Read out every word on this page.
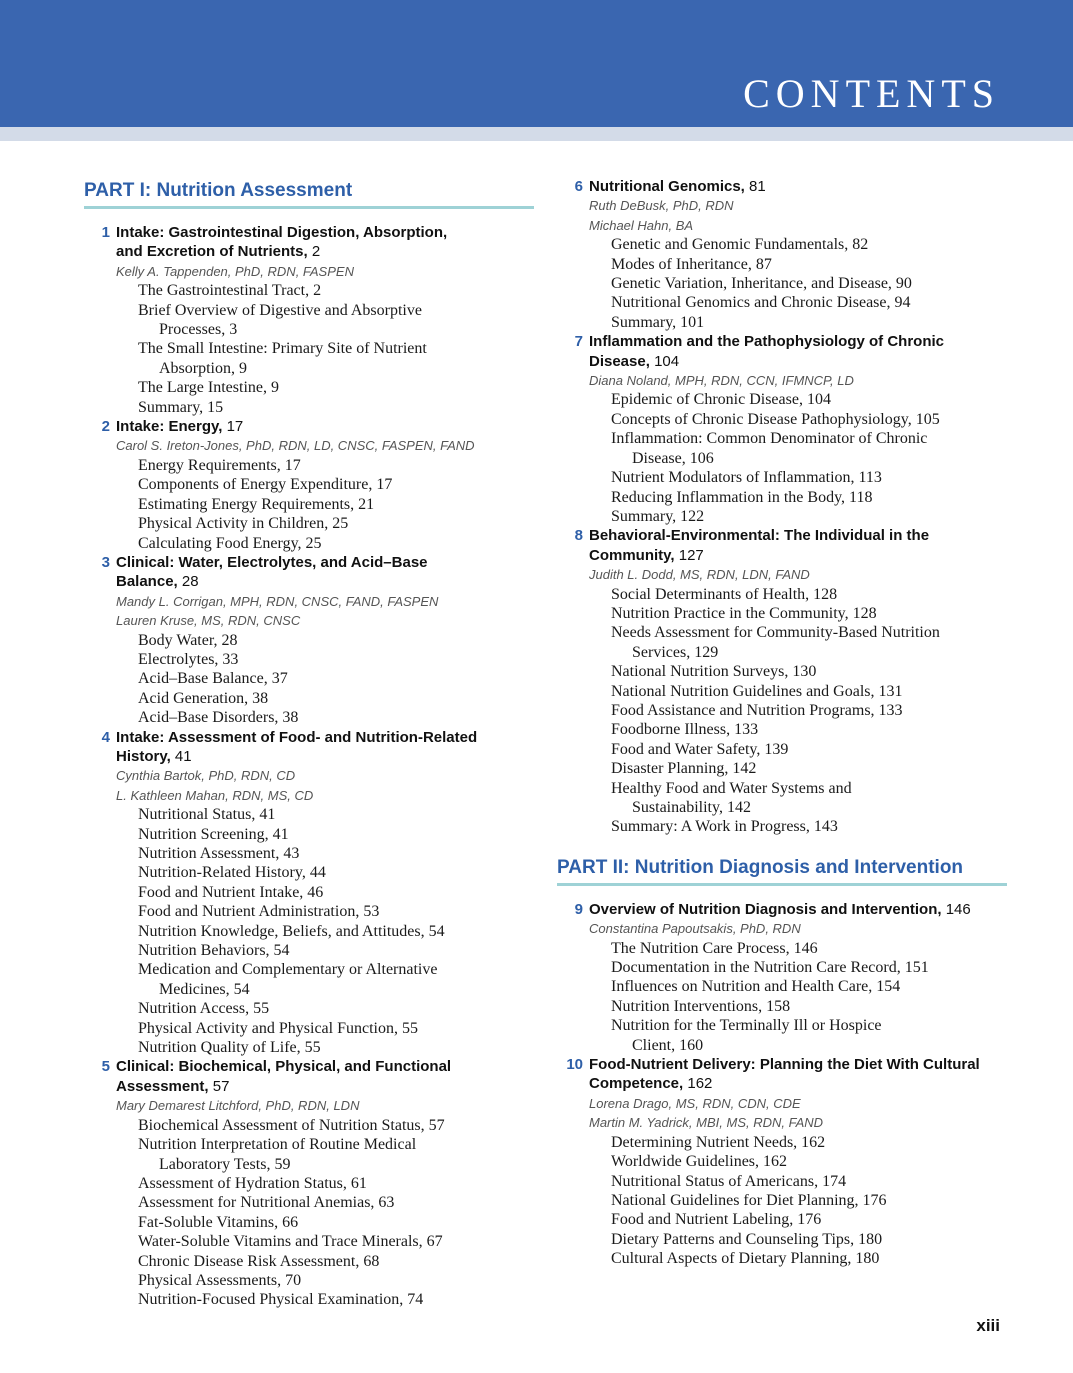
CONTENTS
PART I: Nutrition Assessment
1 Intake: Gastrointestinal Digestion, Absorption,
and Excretion of Nutrients, 2
Kelly A. Tappenden, PhD, RDN, FASPEN
The Gastrointestinal Tract, 2
Brief Overview of Digestive and Absorptive
Processes, 3
The Small Intestine: Primary Site of Nutrient
Absorption, 9
The Large Intestine, 9
Summary, 15
2 Intake: Energy, 17
Carol S. Ireton-Jones, PhD, RDN, LD, CNSC, FASPEN, FAND
Energy Requirements, 17
Components of Energy Expenditure, 17
Estimating Energy Requirements, 21
Physical Activity in Children, 25
Calculating Food Energy, 25
3 Clinical: Water, Electrolytes, and Acid–Base
Balance, 28
Mandy L. Corrigan, MPH, RDN, CNSC, FAND, FASPEN
Lauren Kruse, MS, RDN, CNSC
Body Water, 28
Electrolytes, 33
Acid–Base Balance, 37
Acid Generation, 38
Acid–Base Disorders, 38
4 Intake: Assessment of Food- and Nutrition-Related
History, 41
Cynthia Bartok, PhD, RDN, CD
L. Kathleen Mahan, RDN, MS, CD
Nutritional Status, 41
Nutrition Screening, 41
Nutrition Assessment, 43
Nutrition-Related History, 44
Food and Nutrient Intake, 46
Food and Nutrient Administration, 53
Nutrition Knowledge, Beliefs, and Attitudes, 54
Nutrition Behaviors, 54
Medication and Complementary or Alternative
Medicines, 54
Nutrition Access, 55
Physical Activity and Physical Function, 55
Nutrition Quality of Life, 55
5 Clinical: Biochemical, Physical, and Functional
Assessment, 57
Mary Demarest Litchford, PhD, RDN, LDN
Biochemical Assessment of Nutrition Status, 57
Nutrition Interpretation of Routine Medical
Laboratory Tests, 59
Assessment of Hydration Status, 61
Assessment for Nutritional Anemias, 63
Fat-Soluble Vitamins, 66
Water-Soluble Vitamins and Trace Minerals, 67
Chronic Disease Risk Assessment, 68
Physical Assessments, 70
Nutrition-Focused Physical Examination, 74
6 Nutritional Genomics, 81
Ruth DeBusk, PhD, RDN
Michael Hahn, BA
Genetic and Genomic Fundamentals, 82
Modes of Inheritance, 87
Genetic Variation, Inheritance, and Disease, 90
Nutritional Genomics and Chronic Disease, 94
Summary, 101
7 Inflammation and the Pathophysiology of Chronic
Disease, 104
Diana Noland, MPH, RDN, CCN, IFMNCP, LD
Epidemic of Chronic Disease, 104
Concepts of Chronic Disease Pathophysiology, 105
Inflammation: Common Denominator of Chronic
Disease, 106
Nutrient Modulators of Inflammation, 113
Reducing Inflammation in the Body, 118
Summary, 122
8 Behavioral-Environmental: The Individual in the
Community, 127
Judith L. Dodd, MS, RDN, LDN, FAND
Social Determinants of Health, 128
Nutrition Practice in the Community, 128
Needs Assessment for Community-Based Nutrition
Services, 129
National Nutrition Surveys, 130
National Nutrition Guidelines and Goals, 131
Food Assistance and Nutrition Programs, 133
Foodborne Illness, 133
Food and Water Safety, 139
Disaster Planning, 142
Healthy Food and Water Systems and
Sustainability, 142
Summary: A Work in Progress, 143
PART II: Nutrition Diagnosis and Intervention
9 Overview of Nutrition Diagnosis and Intervention, 146
Constantina Papoutsakis, PhD, RDN
The Nutrition Care Process, 146
Documentation in the Nutrition Care Record, 151
Influences on Nutrition and Health Care, 154
Nutrition Interventions, 158
Nutrition for the Terminally Ill or Hospice
Client, 160
10 Food-Nutrient Delivery: Planning the Diet With Cultural
Competence, 162
Lorena Drago, MS, RDN, CDN, CDE
Martin M. Yadrick, MBI, MS, RDN, FAND
Determining Nutrient Needs, 162
Worldwide Guidelines, 162
Nutritional Status of Americans, 174
National Guidelines for Diet Planning, 176
Food and Nutrient Labeling, 176
Dietary Patterns and Counseling Tips, 180
Cultural Aspects of Dietary Planning, 180
xiii
